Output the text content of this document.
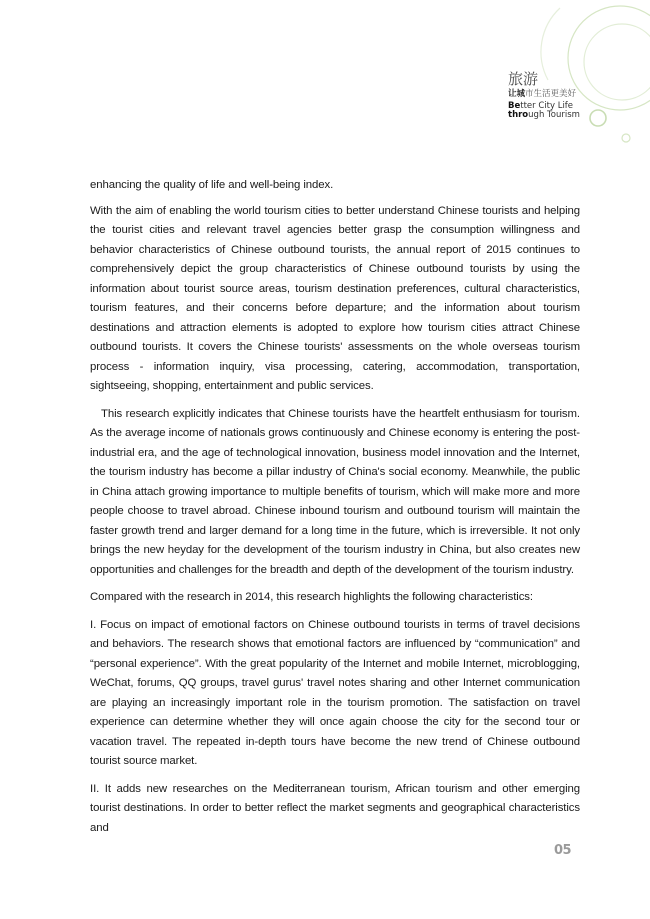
旅游
让城市生活更美好
Better City Life
through Tourism

enhancing the quality of life and well-being index.

With the aim of enabling the world tourism cities to better understand Chinese tourists and helping the tourist cities and relevant travel agencies better grasp the consumption willingness and behavior characteristics of Chinese outbound tourists, the annual report of 2015 continues to comprehensively depict the group characteristics of Chinese outbound tourists by using the information about tourist source areas, tourism destination preferences, cultural characteristics, tourism features, and their concerns before departure; and the information about tourism destinations and attraction elements is adopted to explore how tourism cities attract Chinese outbound tourists. It covers the Chinese tourists' assessments on the whole overseas tourism process - information inquiry, visa processing, catering, accommodation, transportation, sightseeing, shopping, entertainment and public services.

This research explicitly indicates that Chinese tourists have the heartfelt enthusiasm for tourism. As the average income of nationals grows continuously and Chinese economy is entering the post-industrial era, and the age of technological innovation, business model innovation and the Internet, the tourism industry has become a pillar industry of China's social economy. Meanwhile, the public in China attach growing importance to multiple benefits of tourism, which will make more and more people choose to travel abroad. Chinese inbound tourism and outbound tourism will maintain the faster growth trend and larger demand for a long time in the future, which is irreversible. It not only brings the new heyday for the development of the tourism industry in China, but also creates new opportunities and challenges for the breadth and depth of the development of the tourism industry.

Compared with the research in 2014, this research highlights the following characteristics:

I. Focus on impact of emotional factors on Chinese outbound tourists in terms of travel decisions and behaviors. The research shows that emotional factors are influenced by “communication” and “personal experience”. With the great popularity of the Internet and mobile Internet, microblogging, WeChat, forums, QQ groups, travel gurus' travel notes sharing and other Internet communication are playing an increasingly important role in the tourism promotion. The satisfaction on travel experience can determine whether they will once again choose the city for the second tour or vacation travel. The repeated in-depth tours have become the new trend of Chinese outbound tourist source market.

II. It adds new researches on the Mediterranean tourism, African tourism and other emerging tourist destinations. In order to better reflect the market segments and geographical characteristics and

05
